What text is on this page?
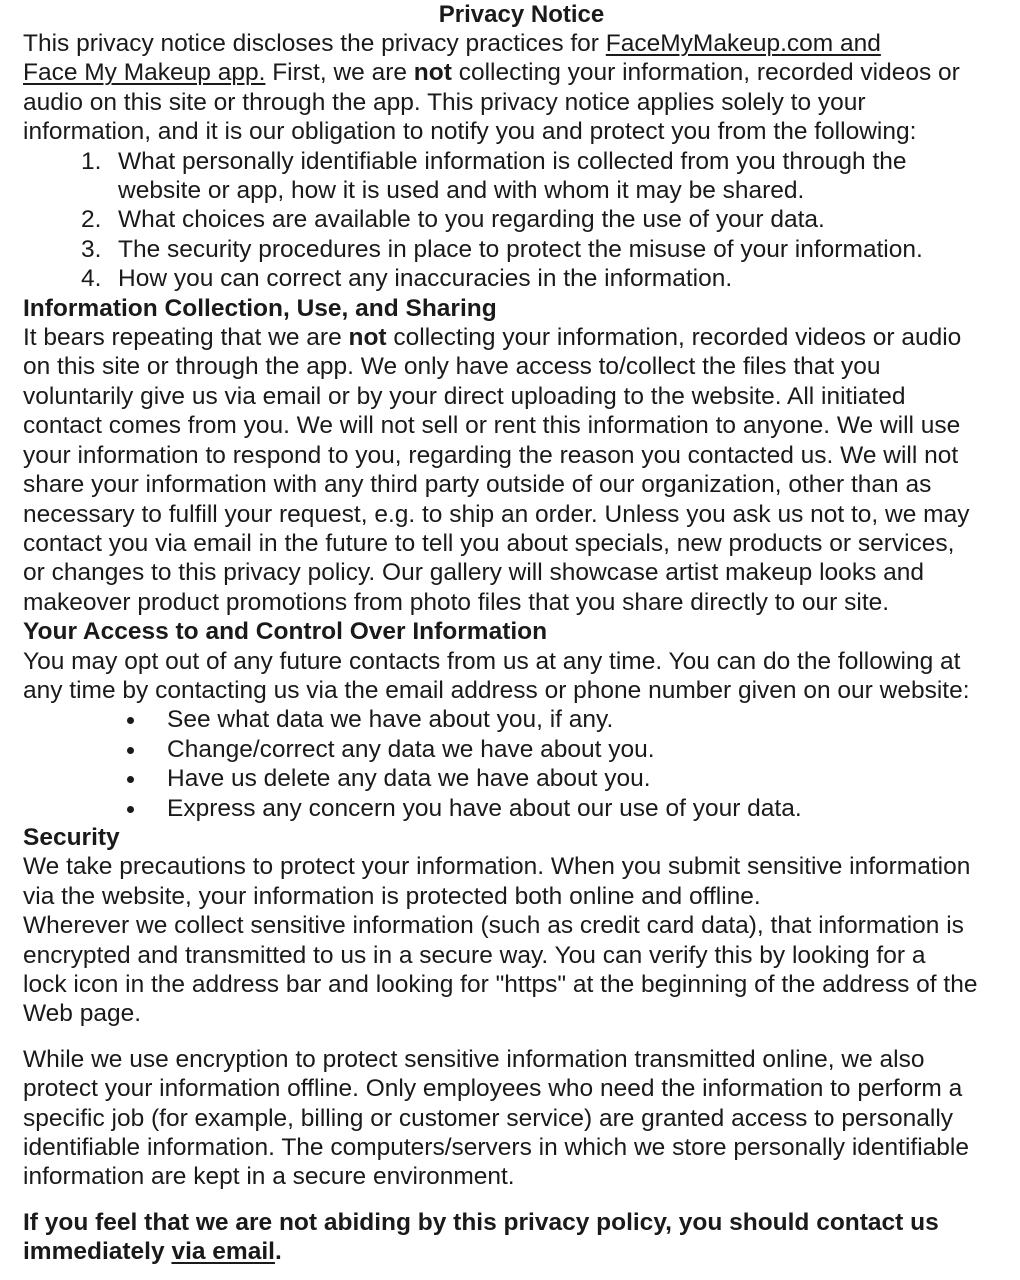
Privacy Notice
This privacy notice discloses the privacy practices for FaceMyMakeup.com and
Face My Makeup app. First, we are not collecting your information, recorded videos or
audio on this site or through the app. This privacy notice applies solely to your
information, and it is our obligation to notify you and protect you from the following:
1. What personally identifiable information is collected from you through the
website or app, how it is used and with whom it may be shared.
2. What choices are available to you regarding the use of your data.
3. The security procedures in place to protect the misuse of your information.
4. How you can correct any inaccuracies in the information.
Information Collection, Use, and Sharing
It bears repeating that we are not collecting your information, recorded videos or audio
on this site or through the app. We only have access to/collect the files that you
voluntarily give us via email or by your direct uploading to the website. All initiated
contact comes from you. We will not sell or rent this information to anyone. We will use
your information to respond to you, regarding the reason you contacted us. We will not
share your information with any third party outside of our organization, other than as
necessary to fulfill your request, e.g. to ship an order. Unless you ask us not to, we may
contact you via email in the future to tell you about specials, new products or services,
or changes to this privacy policy. Our gallery will showcase artist makeup looks and
makeover product promotions from photo files that you share directly to our site.
Your Access to and Control Over Information
You may opt out of any future contacts from us at any time. You can do the following at
any time by contacting us via the email address or phone number given on our website:
See what data we have about you, if any.
Change/correct any data we have about you.
Have us delete any data we have about you.
Express any concern you have about our use of your data.
Security
We take precautions to protect your information. When you submit sensitive information
via the website, your information is protected both online and offline.
Wherever we collect sensitive information (such as credit card data), that information is
encrypted and transmitted to us in a secure way. You can verify this by looking for a
lock icon in the address bar and looking for "https" at the beginning of the address of the
Web page.
While we use encryption to protect sensitive information transmitted online, we also
protect your information offline. Only employees who need the information to perform a
specific job (for example, billing or customer service) are granted access to personally
identifiable information. The computers/servers in which we store personally identifiable
information are kept in a secure environment.
If you feel that we are not abiding by this privacy policy, you should contact us
immediately via email.
